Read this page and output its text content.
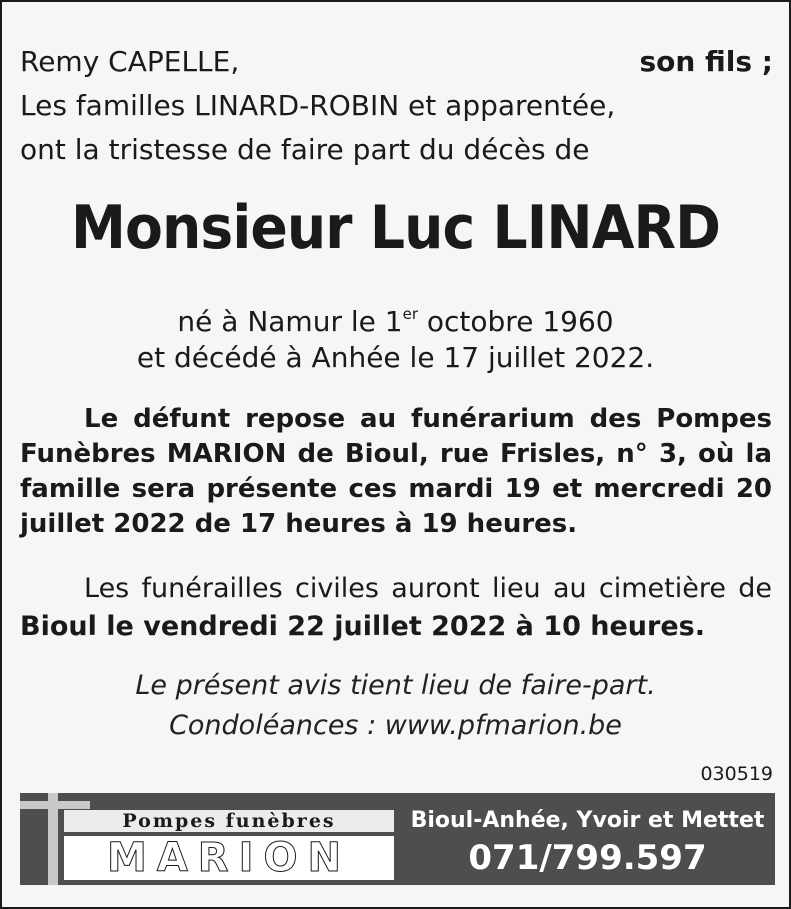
Remy CAPELLE,	son fils ;
Les familles LINARD-ROBIN et apparentée,
ont la tristesse de faire part du décès de
Monsieur Luc LINARD
né à Namur le 1er octobre 1960
et décédé à Anhée le 17 juillet 2022.
Le défunt repose au funérarium des Pompes Funèbres MARION de Bioul, rue Frisles, n° 3, où la famille sera présente ces mardi 19 et mercredi 20 juillet 2022 de 17 heures à 19 heures.
Les funérailles civiles auront lieu au cimetière de Bioul le vendredi 22 juillet 2022 à 10 heures.
Le présent avis tient lieu de faire-part.
Condoléances : www.pfmarion.be
030519
Pompes funèbres
MARION
Bioul-Anhée, Yvoir et Mettet
071/799.597
